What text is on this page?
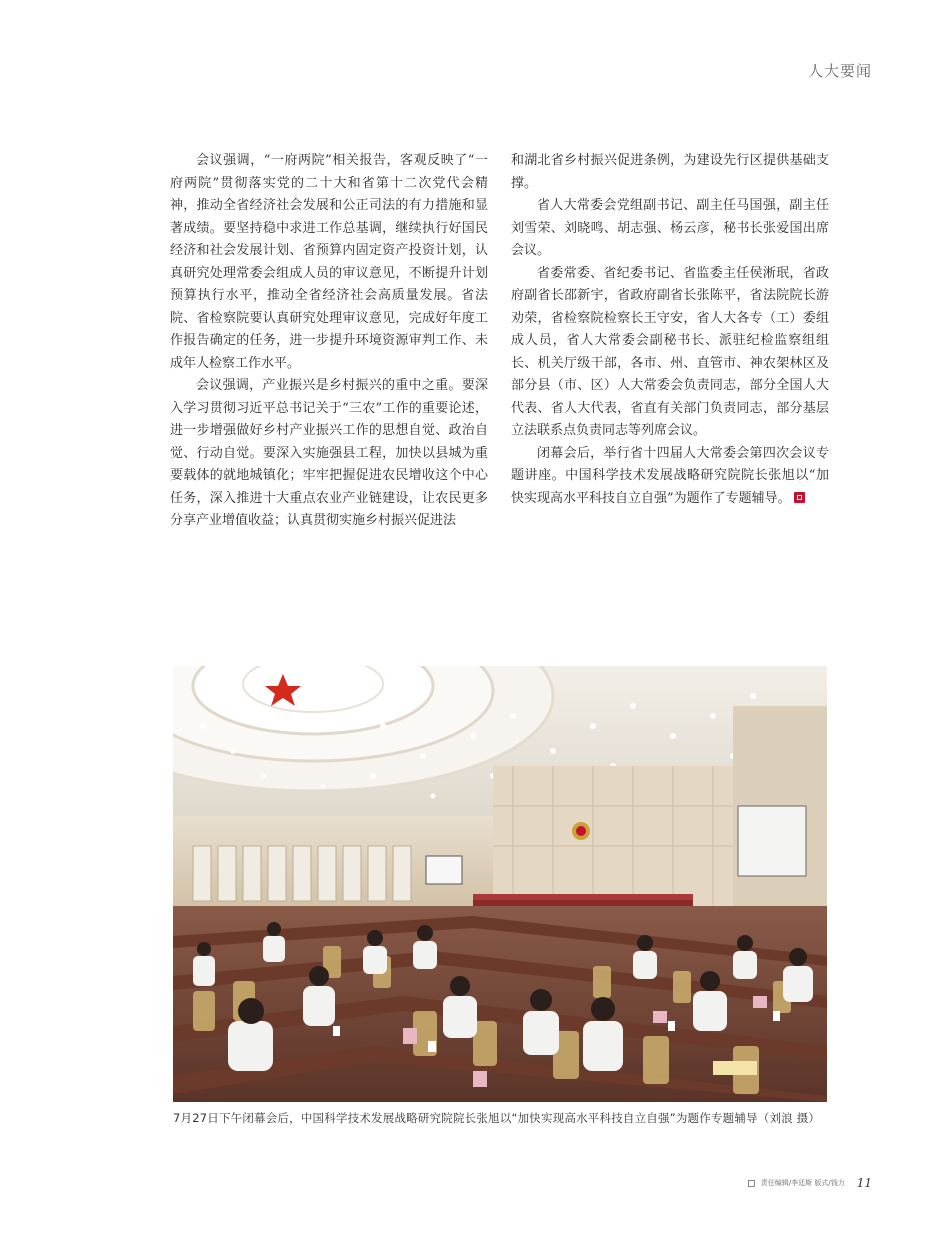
人大要闻

会议强调，“一府两院”相关报告，客观反映了“一府两院”贯彻落实党的二十大和省第十二次党代会精神，推动全省经济社会发展和公正司法的有力措施和显著成绩。要坚持稳中求进工作总基调，继续执行好国民经济和社会发展计划、省预算内固定资产投资计划，认真研究处理常委会组成人员的审议意见，不断提升计划预算执行水平，推动全省经济社会高质量发展。省法院、省检察院要认真研究处理审议意见，完成好年度工作报告确定的任务，进一步提升环境资源审判工作、未成年人检察工作水平。

会议强调，产业振兴是乡村振兴的重中之重。要深入学习贯彻习近平总书记关于“三农”工作的重要论述，进一步增强做好乡村产业振兴工作的思想自觉、政治自觉、行动自觉。要深入实施强县工程，加快以县城为重要载体的就地城镇化；牢牢把握促进农民增收这个中心任务，深入推进十大重点农业产业链建设，让农民更多分享产业增值收益；认真贯彻实施乡村振兴促进法

和湖北省乡村振兴促进条例，为建设先行区提供基础支撑。

省人大常委会党组副书记、副主任马国强，副主任刘雪荣、刘晓鸣、胡志强、杨云彦，秘书长张爱国出席会议。

省委常委、省纪委书记、省监委主任侯淅珉，省政府副省长邵新宇，省政府副省长张陈平，省法院院长游劝荣，省检察院检察长王守安，省人大各专（工）委组成人员，省人大常委会副秘书长、派驻纪检监察组组长、机关厅级干部，各市、州、直管市、神农架林区及部分县（市、区）人大常委会负责同志，部分全国人大代表、省人大代表，省直有关部门负责同志，部分基层立法联系点负责同志等列席会议。

闭幕会后，举行省十四届人大常委会第四次会议专题讲座。中国科学技术发展战略研究院院长张旭以“加快实现高水平科技自立自强”为题作了专题辅导。

7月27日下午闭幕会后，中国科学技术发展战略研究院院长张旭以“加快实现高水平科技自立自强”为题作专题辅导（刘浪 摄）
责任编辑/李廷斯 版式/钱力 11
